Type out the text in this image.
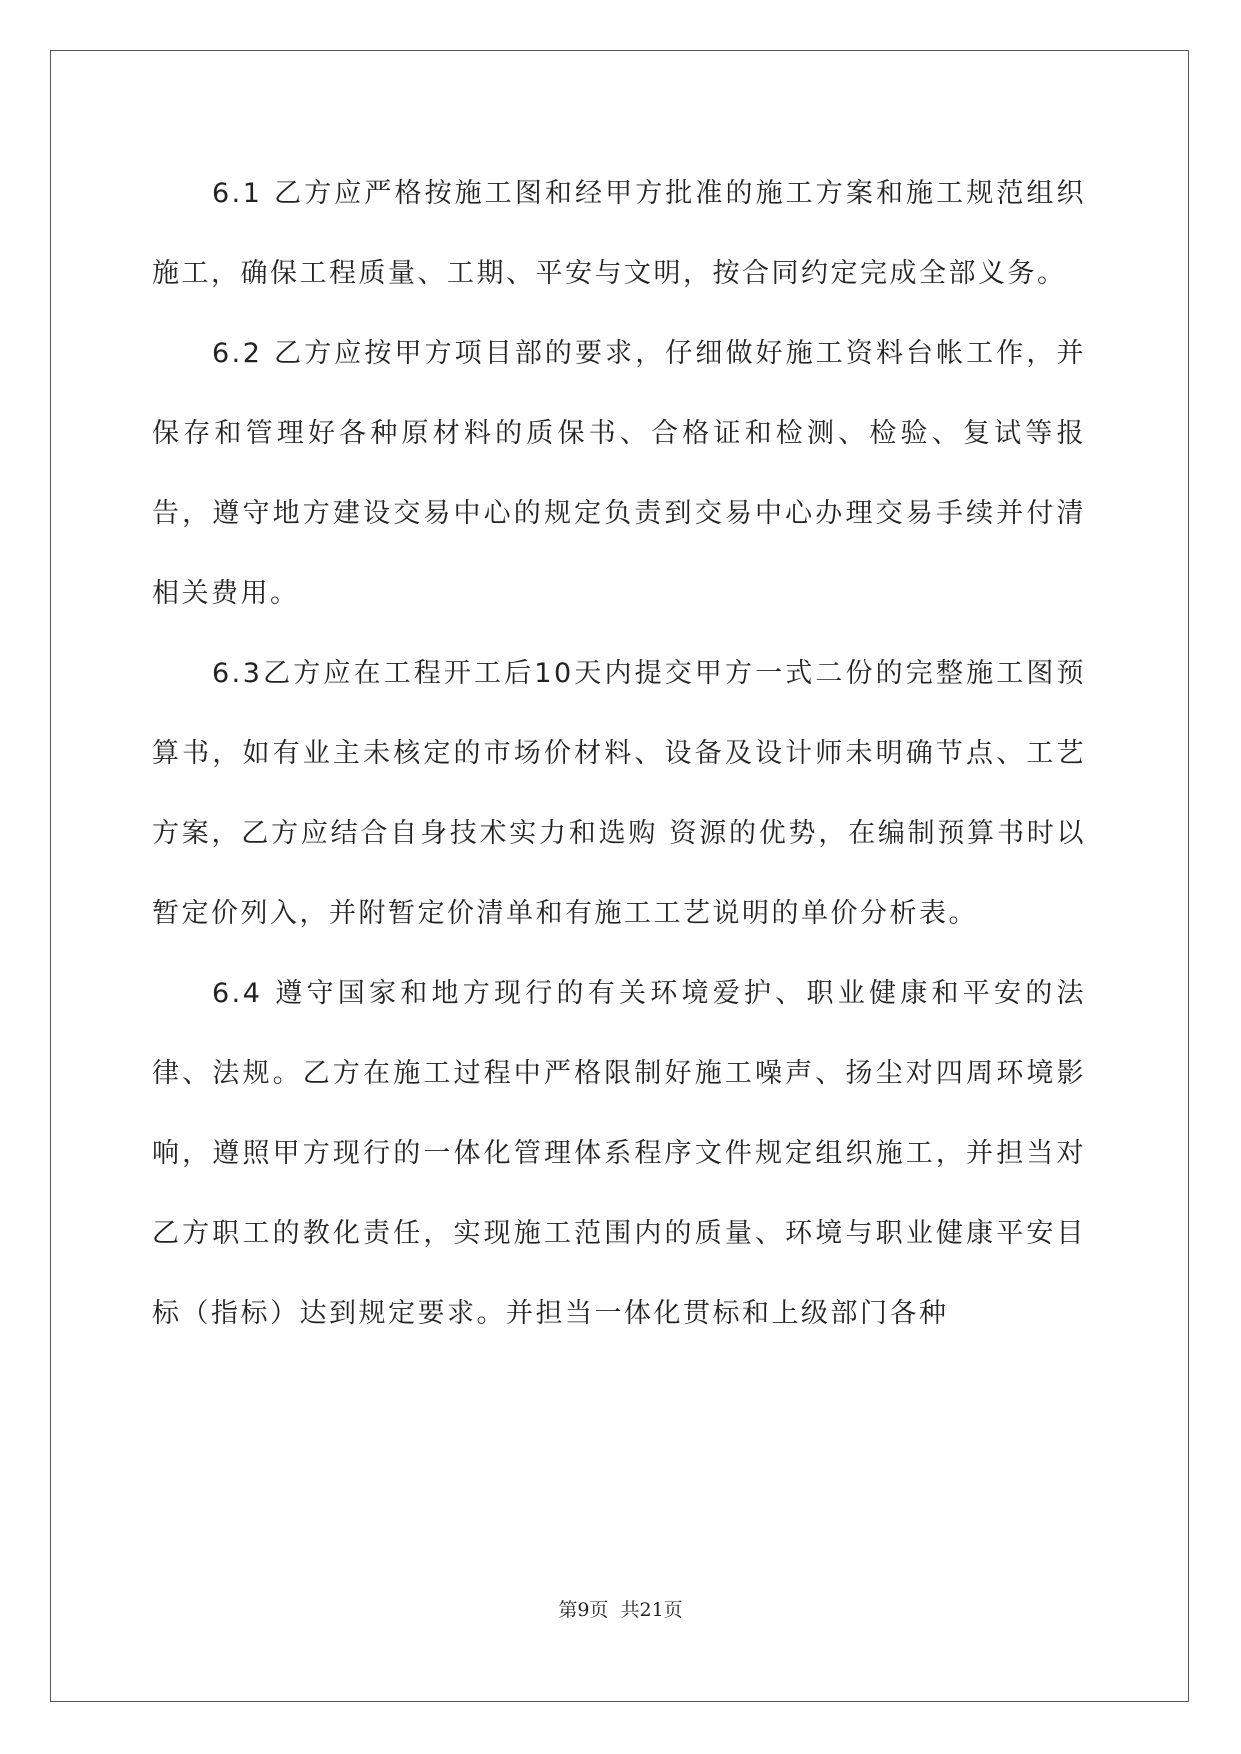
6.1 乙方应严格按施工图和经甲方批准的施工方案和施工规范组织施工，确保工程质量、工期、平安与文明，按合同约定完成全部义务。

6.2 乙方应按甲方项目部的要求，仔细做好施工资料台帐工作，并保存和管理好各种原材料的质保书、合格证和检测、检验、复试等报告，遵守地方建设交易中心的规定负责到交易中心办理交易手续并付清相关费用。

6.3乙方应在工程开工后10天内提交甲方一式二份的完整施工图预算书，如有业主未核定的市场价材料、设备及设计师未明确节点、工艺方案，乙方应结合自身技术实力和选购 资源的优势，在编制预算书时以暂定价列入，并附暂定价清单和有施工工艺说明的单价分析表。

6.4 遵守国家和地方现行的有关环境爱护、职业健康和平安的法律、法规。乙方在施工过程中严格限制好施工噪声、扬尘对四周环境影响，遵照甲方现行的一体化管理体系程序文件规定组织施工，并担当对乙方职工的教化责任，实现施工范围内的质量、环境与职业健康平安目标（指标）达到规定要求。并担当一体化贯标和上级部门各种

第9页  共21页
